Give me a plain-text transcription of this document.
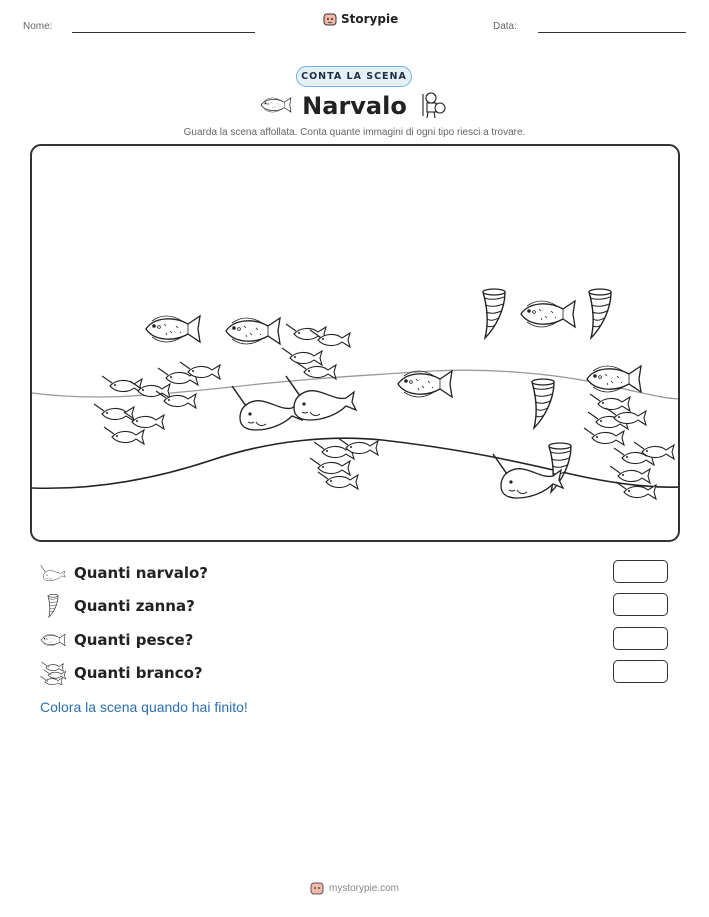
Nome:
Storypie
Data:
CONTA LA SCENA
Narvalo
Guarda la scena affollata. Conta quante immagini di ogni tipo riesci a trovare.
Quanti narvalo?
Quanti zanna?
Quanti pesce?
Quanti branco?
Colora la scena quando hai finito!
mystorypie.com
